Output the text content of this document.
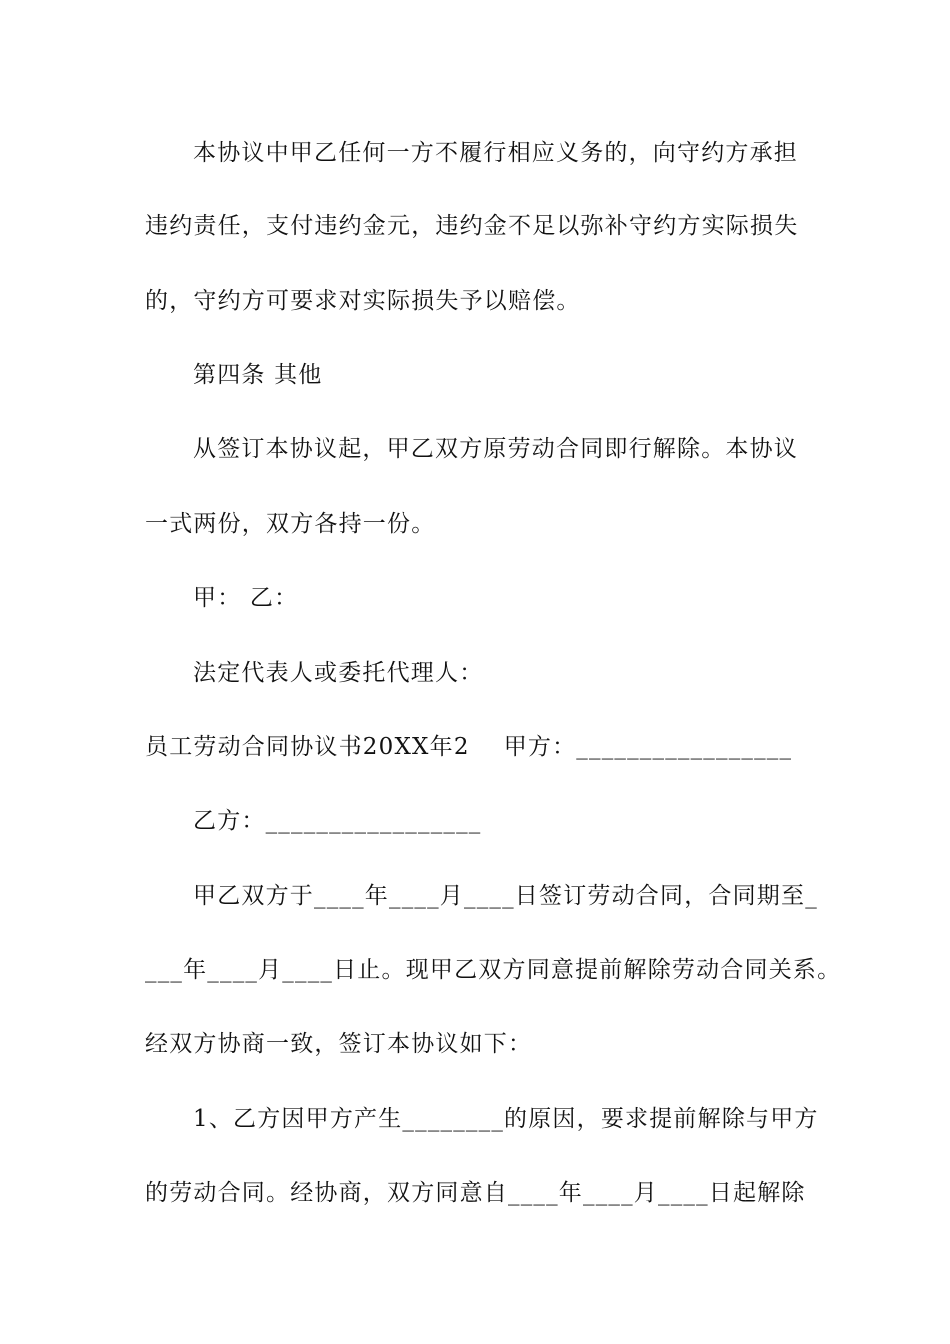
本协议中甲乙任何一方不履行相应义务的，向守约方承担
违约责任，支付违约金元，违约金不足以弥补守约方实际损失
的，守约方可要求对实际损失予以赔偿。
第四条 其他
从签订本协议起，甲乙双方原劳动合同即行解除。本协议
一式两份，双方各持一份。
甲： 乙：
法定代表人或委托代理人：
员工劳动合同协议书20XX年2    甲方：_________________
乙方：_________________
甲乙双方于____年____月____日签订劳动合同，合同期至_
___年____月____日止。现甲乙双方同意提前解除劳动合同关系。
经双方协商一致，签订本协议如下：
1、乙方因甲方产生________的原因，要求提前解除与甲方
的劳动合同。经协商，双方同意自____年____月____日起解除
